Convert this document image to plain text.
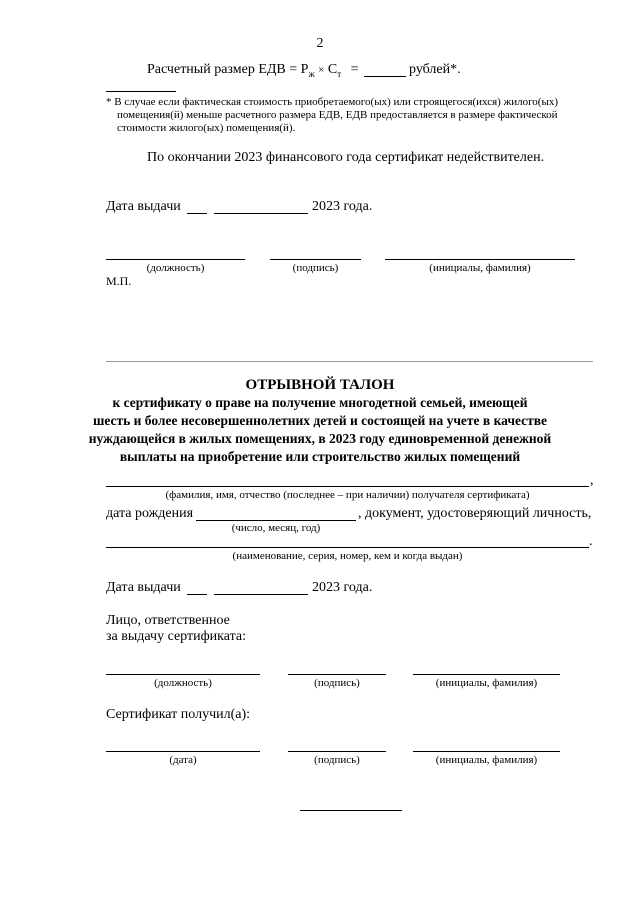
2
Расчетный размер ЕДВ = $Р_ж \times С_т$ =	рублей*.
* В случае если фактическая стоимость приобретаемого(ых) или строящегося(ихся) жилого(ых)
помещения(й) меньше расчетного размера ЕДВ, ЕДВ предоставляется в размере фактической
стоимости жилого(ых) помещения(й).
По окончании 2023 финансового года сертификат недействителен.
Дата выдачи	2023 года.
(должность)	(подпись)	(инициалы, фамилия)
М.П.
ОТРЫВНОЙ ТАЛОН
к сертификату о праве на получение многодетной семьей, имеющей
шесть и более несовершеннолетних детей и состоящей на учете в качестве
нуждающейся в жилых помещениях, в 2023 году единовременной денежной
выплаты на приобретение или строительство жилых помещений
,
(фамилия, имя, отчество (последнее – при наличии) получателя сертификата)
дата рождения	, документ, удостоверяющий личность,
(число, месяц, год)
.
(наименование, серия, номер, кем и когда выдан)
Дата выдачи	2023 года.
Лицо, ответственное
за выдачу сертификата:
(должность)	(подпись)	(инициалы, фамилия)
Сертификат получил(а):
(дата)	(подпись)	(инициалы, фамилия)
